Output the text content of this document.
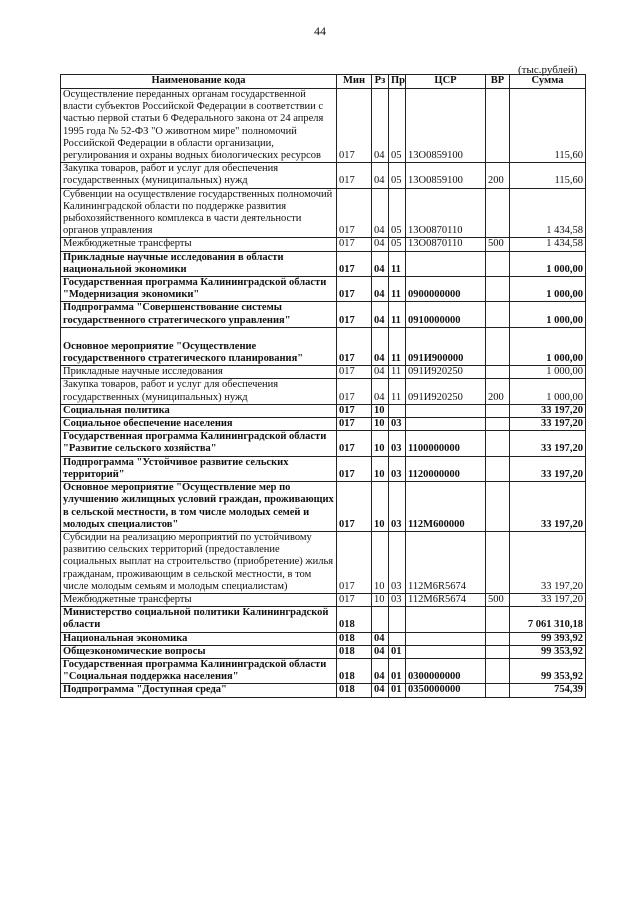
44
(тыс.рублей)
Наименование кода	Мин	Рз	Пр	ЦСР	ВР	Сумма
Осуществление переданных органам государственной власти субъектов Российской Федерации в соответствии с частью первой статьи 6 Федерального закона от 24 апреля 1995 года № 52-ФЗ "О животном мире" полномочий Российской Федерации в области организации, регулирования и охраны водных биологических ресурсов	017	04	05	13О0859100		115,60
Закупка товаров, работ и услуг для обеспечения государственных (муниципальных) нужд	017	04	05	13О0859100	200	115,60
Субвенции на осуществление государственных полномочий Калининградской области по поддержке развития рыбохозяйственного комплекса в части деятельности органов управления	017	04	05	13О0870110		1 434,58
Межбюджетные трансферты	017	04	05	13О0870110	500	1 434,58
Прикладные научные исследования в области национальной экономики	017	04	11			1 000,00
Государственная программа Калининградской области "Модернизация экономики"	017	04	11	0900000000		1 000,00
Подпрограмма "Совершенствование системы государственного стратегического управления"	017	04	11	0910000000		1 000,00
Основное мероприятие "Осуществление государственного стратегического планирования"	017	04	11	091И900000		1 000,00
Прикладные научные исследования	017	04	11	091И920250		1 000,00
Закупка товаров, работ и услуг для обеспечения государственных (муниципальных) нужд	017	04	11	091И920250	200	1 000,00
Социальная политика	017	10				33 197,20
Социальное обеспечение населения	017	10	03			33 197,20
Государственная программа Калининградской области "Развитие сельского хозяйства"	017	10	03	1100000000		33 197,20
Подпрограмма "Устойчивое развитие сельских территорий"	017	10	03	1120000000		33 197,20
Основное мероприятие "Осуществление мер по улучшению жилищных условий граждан, проживающих в сельской местности, в том числе молодых семей и молодых специалистов"	017	10	03	112М600000		33 197,20
Субсидии на реализацию мероприятий по устойчивому развитию сельских территорий (предоставление социальных выплат на строительство (приобретение) жилья гражданам, проживающим в сельской местности, в том числе молодым семьям и молодым специалистам)	017	10	03	112М6R5674		33 197,20
Межбюджетные трансферты	017	10	03	112М6R5674	500	33 197,20
Министерство социальной политики Калининградской области	018					7 061 310,18
Национальная экономика	018	04				99 393,92
Общеэкономические вопросы	018	04	01			99 353,92
Государственная программа Калининградской области "Социальная поддержка населения"	018	04	01	0300000000		99 353,92
Подпрограмма "Доступная среда"	018	04	01	0350000000		754,39
